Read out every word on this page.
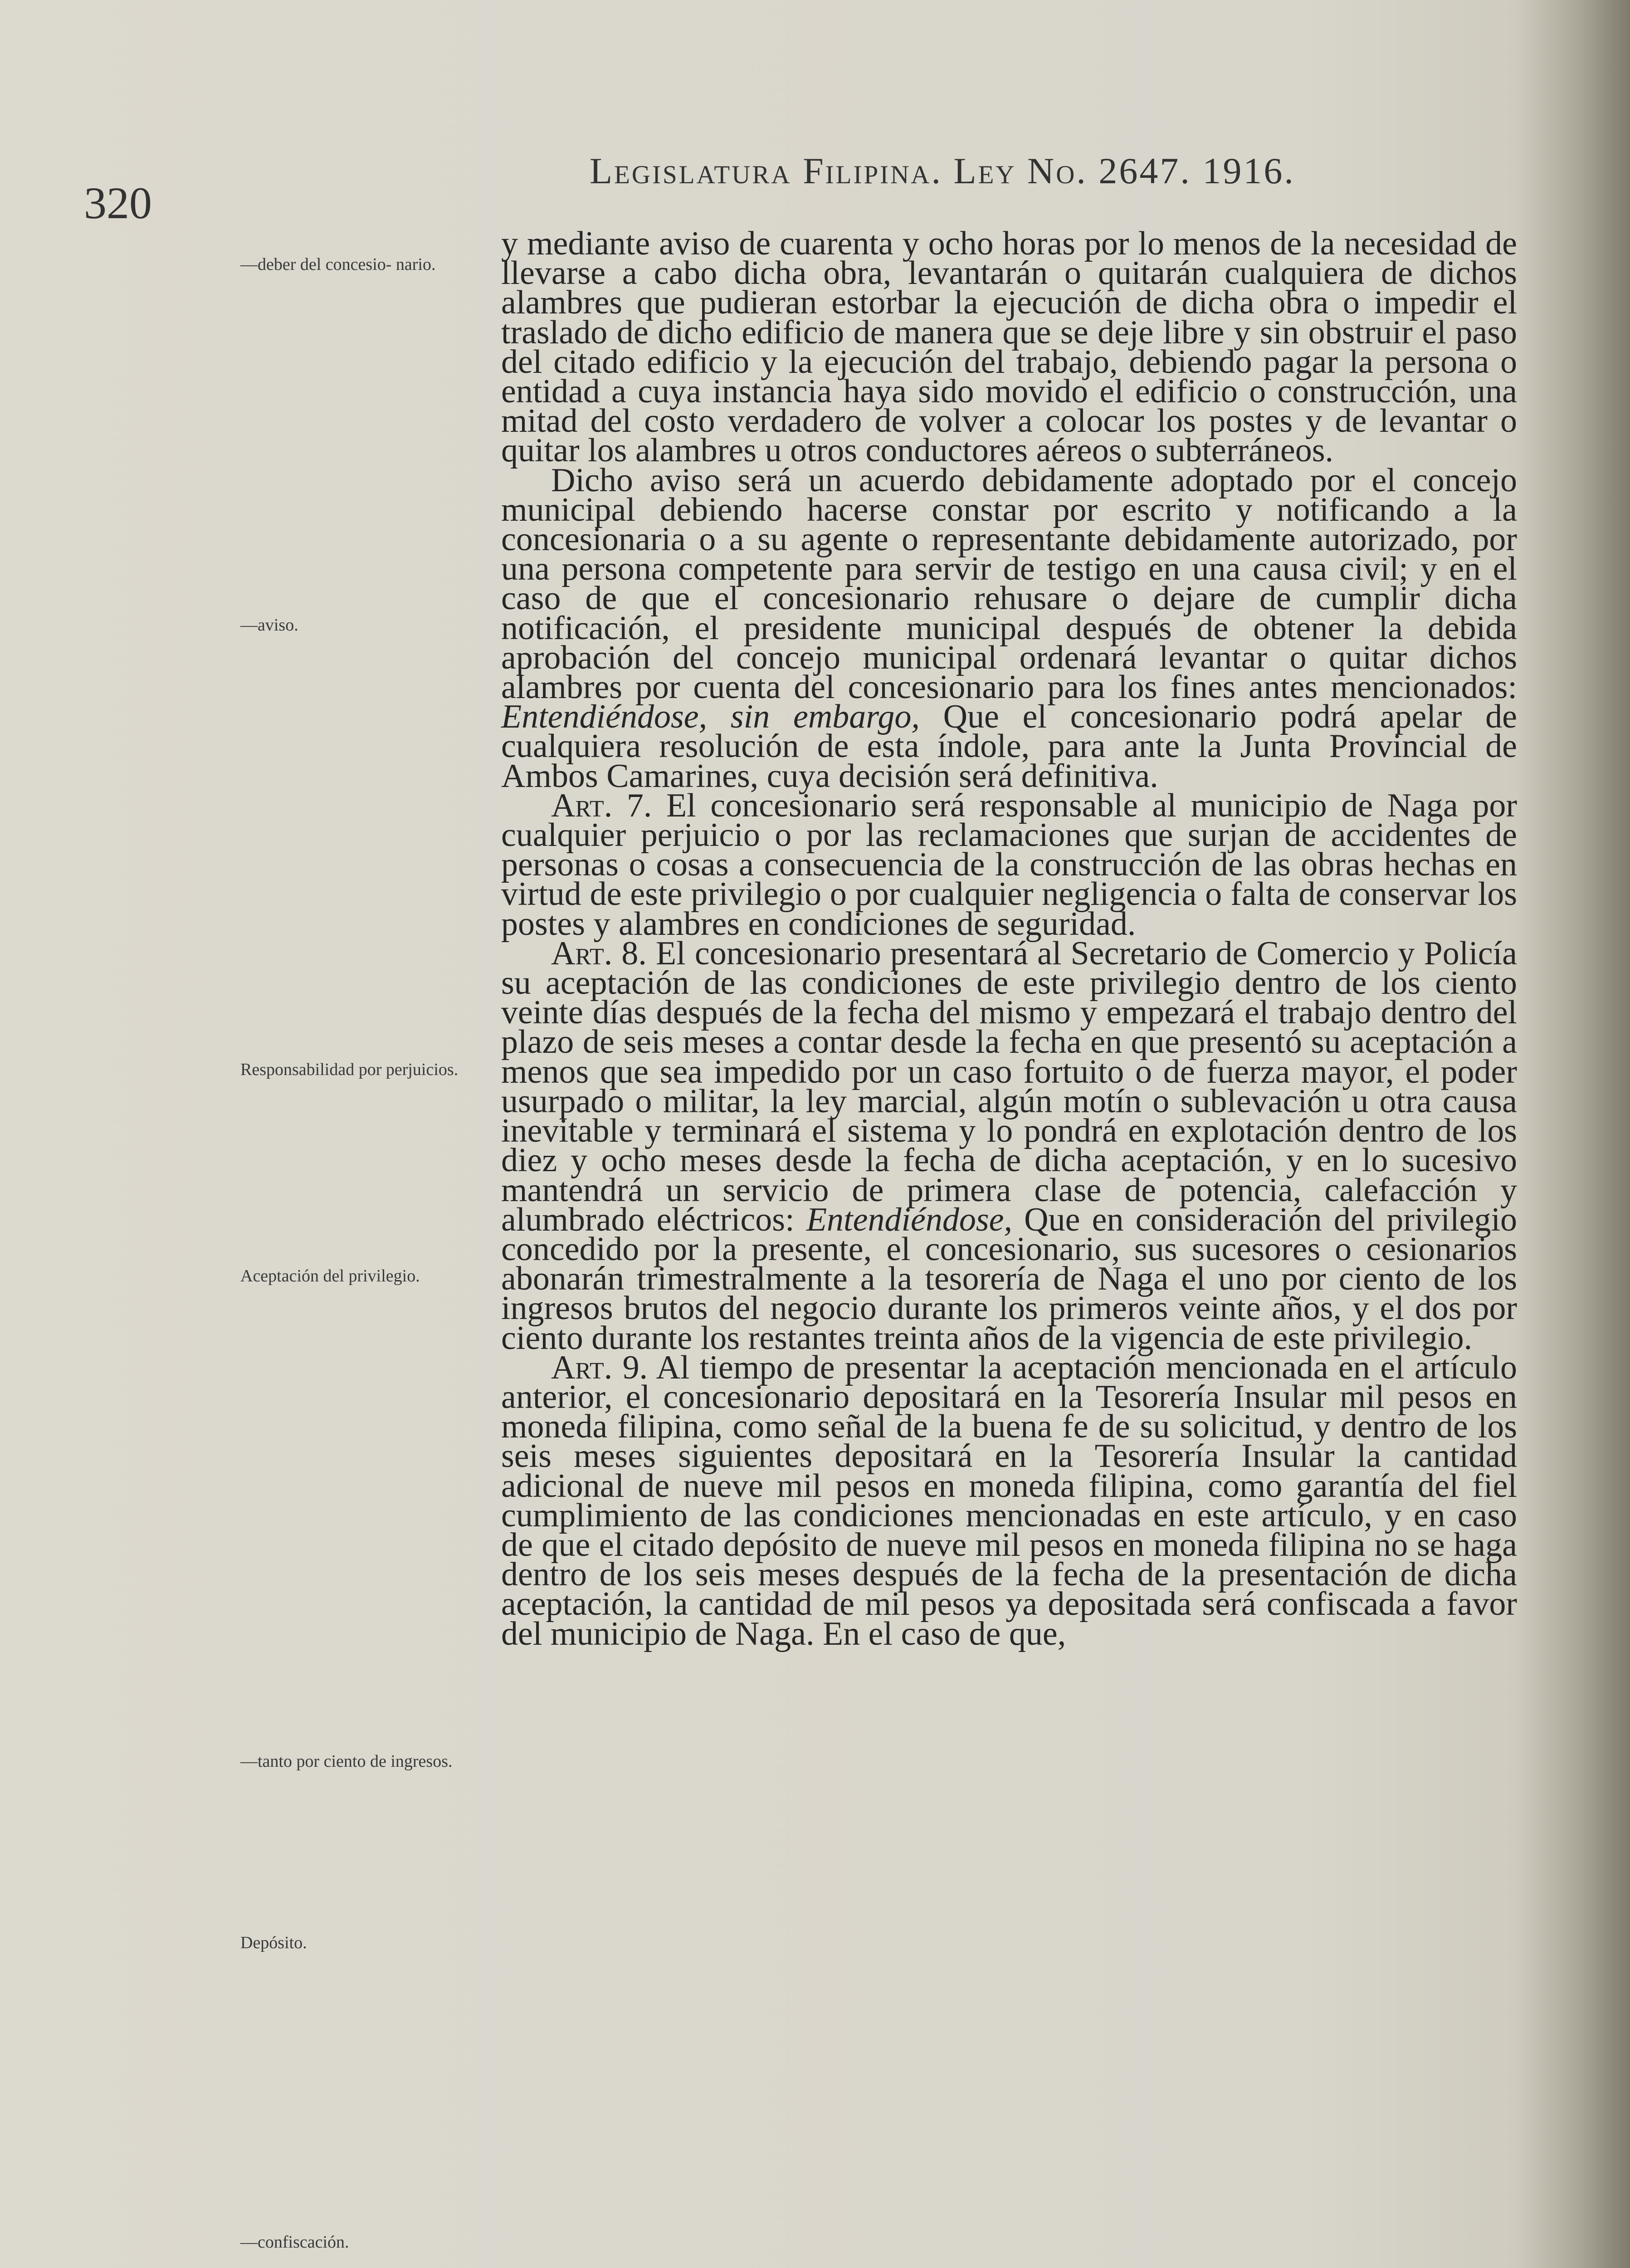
320
Legislatura Filipina. Ley No. 2647. 1916.
—deber del concesio- nario.
—aviso.
Responsabilidad por perjuicios.
Aceptación del privilegio.
—tanto por ciento de ingresos.
Depósito.
—confiscación.

y mediante aviso de cuarenta y ocho horas por lo menos de la necesidad de llevarse a cabo dicha obra, levantarán o quitarán cualquiera de dichos alambres que pudieran estorbar la ejecución de dicha obra o impedir el traslado de dicho edificio de manera que se deje libre y sin obstruir el paso del citado edificio y la ejecución del trabajo, debiendo pagar la persona o entidad a cuya instancia haya sido movido el edificio o construcción, una mitad del costo verdadero de volver a colocar los postes y de levantar o quitar los alambres u otros conductores aéreos o subterráneos.

Dicho aviso será un acuerdo debidamente adoptado por el concejo municipal debiendo hacerse constar por escrito y notificando a la concesionaria o a su agente o representante debidamente autorizado, por una persona competente para servir de testigo en una causa civil; y en el caso de que el concesionario rehusare o dejare de cumplir dicha notificación, el presidente municipal después de obtener la debida aprobación del concejo municipal ordenará levantar o quitar dichos alambres por cuenta del concesionario para los fines antes mencionados: Entendiéndose, sin embargo, Que el concesionario podrá apelar de cualquiera resolución de esta índole, para ante la Junta Provincial de Ambos Camarines, cuya decisión será definitiva.

Art. 7. El concesionario será responsable al municipio de Naga por cualquier perjuicio o por las reclamaciones que surjan de accidentes de personas o cosas a consecuencia de la construcción de las obras hechas en virtud de este privilegio o por cualquier negligencia o falta de conservar los postes y alambres en condiciones de seguridad.

Art. 8. El concesionario presentará al Secretario de Comercio y Policía su aceptación de las condiciones de este privilegio dentro de los ciento veinte días después de la fecha del mismo y empezará el trabajo dentro del plazo de seis meses a contar desde la fecha en que presentó su aceptación a menos que sea impedido por un caso fortuito o de fuerza mayor, el poder usurpado o militar, la ley marcial, algún motín o sublevación u otra causa inevitable y terminará el sistema y lo pondrá en explotación dentro de los diez y ocho meses desde la fecha de dicha aceptación, y en lo sucesivo mantendrá un servicio de primera clase de potencia, calefacción y alumbrado eléctricos: Entendiéndose, Que en consideración del privilegio concedido por la presente, el concesionario, sus sucesores o cesionarios abonarán trimestralmente a la tesorería de Naga el uno por ciento de los ingresos brutos del negocio durante los primeros veinte años, y el dos por ciento durante los restantes treinta años de la vigencia de este privilegio.

Art. 9. Al tiempo de presentar la aceptación mencionada en el artículo anterior, el concesionario depositará en la Tesorería Insular mil pesos en moneda filipina, como señal de la buena fe de su solicitud, y dentro de los seis meses siguientes depositará en la Tesorería Insular la cantidad adicional de nueve mil pesos en moneda filipina, como garantía del fiel cumplimiento de las condiciones mencionadas en este artículo, y en caso de que el citado depósito de nueve mil pesos en moneda filipina no se haga dentro de los seis meses después de la fecha de la presentación de dicha aceptación, la cantidad de mil pesos ya depositada será confiscada a favor del municipio de Naga. En el caso de que,
